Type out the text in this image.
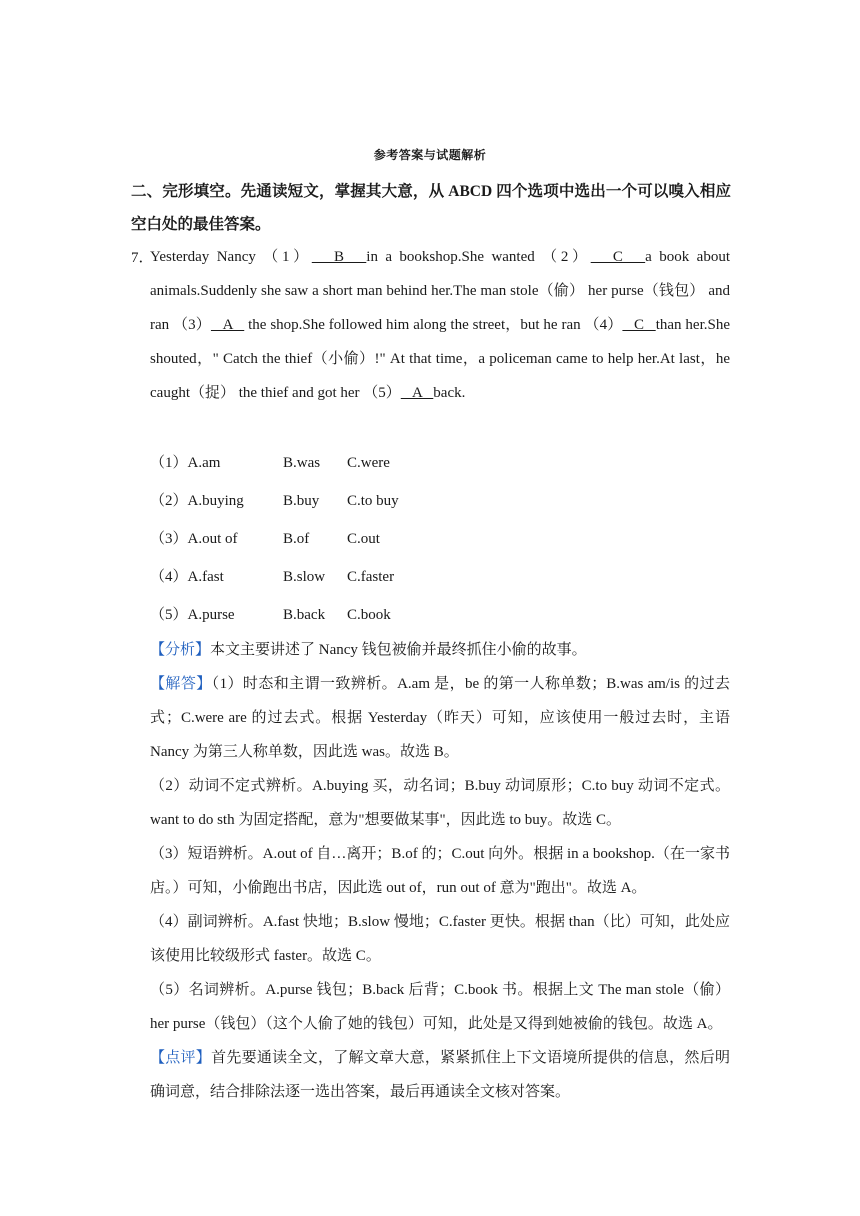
参考答案与试题解析
二、完形填空。先通读短文，掌握其大意，从 ABCD 四个选项中选出一个可以嗅入相应空白处的最佳答案。
7．
Yesterday Nancy （1）   B   in a bookshop.She wanted （2）   C   a book about animals.Suddenly she saw a short man behind her.The man stole（偷） her purse（钱包） and ran （3）   A    the shop.She followed him along the street，but he ran （4）   C   than her.She shouted，" Catch the thief（小偷）!" At that time，a policeman came to help her.At last，he caught（捉） the thief and got her （5）   A   back.
（1）A.am	B.was C.were
（2）A.buying	B.buy C.to buy
（3）A.out of	B.of	C.out
（4）A.fast	B.slow C.faster
（5）A.purse	B.back C.book
【分析】本文主要讲述了 Nancy 钱包被偷并最终抓住小偷的故事。
【解答】（1）时态和主谓一致辨析。A.am 是，be 的第一人称单数；B.was am/is 的过去式；C.were are 的过去式。根据 Yesterday（昨天）可知，应该使用一般过去时，主语 Nancy 为第三人称单数，因此选 was。故选 B。
（2）动词不定式辨析。A.buying 买，动名词；B.buy 动词原形；C.to buy 动词不定式。want to do sth 为固定搭配，意为"想要做某事"，因此选 to buy。故选 C。
（3）短语辨析。A.out of 自…离开；B.of 的；C.out 向外。根据 in a bookshop.（在一家书店。）可知，小偷跑出书店，因此选 out of，run out of 意为"跑出"。故选 A。
（4）副词辨析。A.fast 快地；B.slow 慢地；C.faster 更快。根据 than（比）可知，此处应该使用比较级形式 faster。故选 C。
（5）名词辨析。A.purse 钱包；B.back 后背；C.book 书。根据上文 The man stole（偷） her purse（钱包）（这个人偷了她的钱包）可知，此处是又得到她被偷的钱包。故选 A。
【点评】首先要通读全文，了解文章大意，紧紧抓住上下文语境所提供的信息，然后明确词意，结合排除法逐一选出答案，最后再通读全文核对答案。
